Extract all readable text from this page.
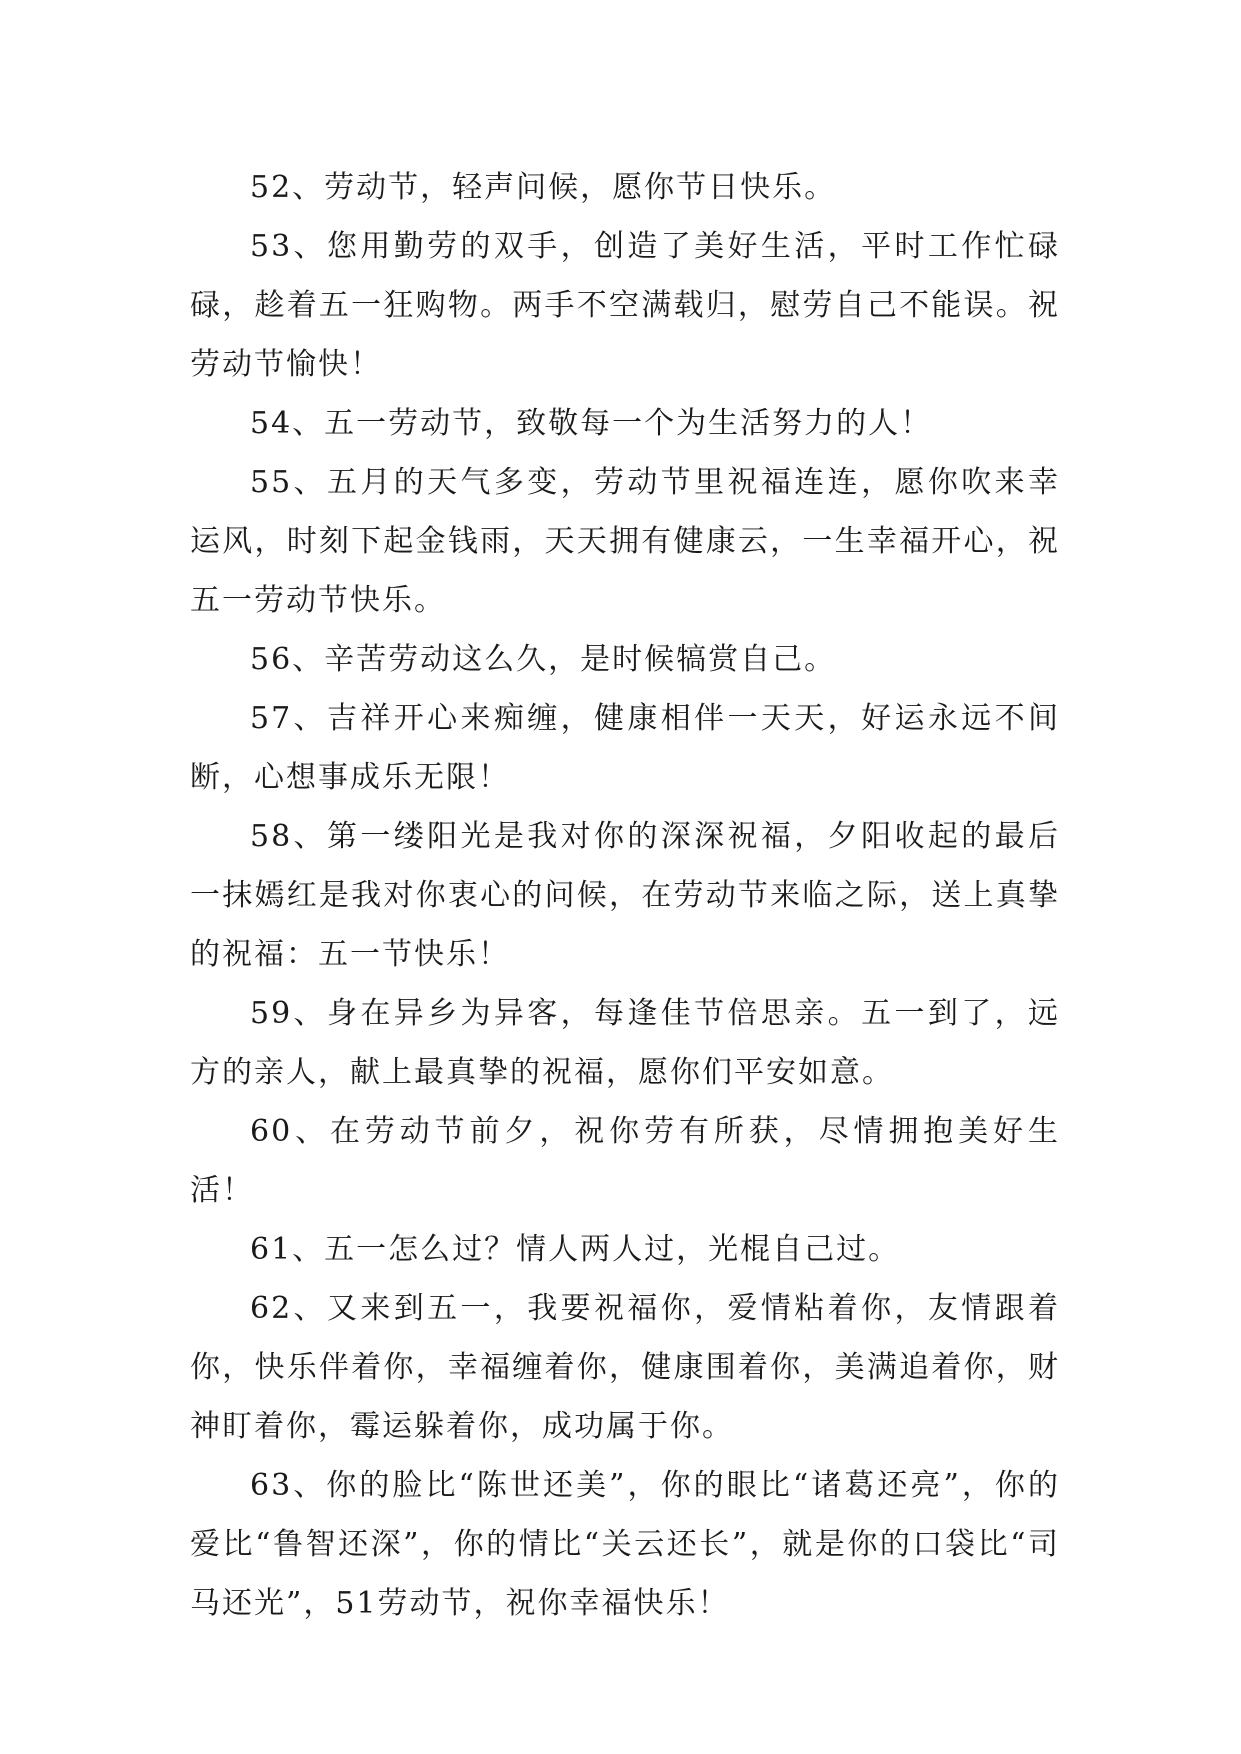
52、劳动节，轻声问候，愿你节日快乐。

53、您用勤劳的双手，创造了美好生活，平时工作忙碌碌，趁着五一狂购物。两手不空满载归，慰劳自己不能误。祝劳动节愉快！

54、五一劳动节，致敬每一个为生活努力的人！

55、五月的天气多变，劳动节里祝福连连，愿你吹来幸运风，时刻下起金钱雨，天天拥有健康云，一生幸福开心，祝五一劳动节快乐。

56、辛苦劳动这么久，是时候犒赏自己。

57、吉祥开心来痴缠，健康相伴一天天，好运永远不间断，心想事成乐无限！

58、第一缕阳光是我对你的深深祝福，夕阳收起的最后一抹嫣红是我对你衷心的问候，在劳动节来临之际，送上真挚的祝福：五一节快乐！

59、身在异乡为异客，每逢佳节倍思亲。五一到了，远方的亲人，献上最真挚的祝福，愿你们平安如意。

60、在劳动节前夕，祝你劳有所获，尽情拥抱美好生活！

61、五一怎么过？情人两人过，光棍自己过。

62、又来到五一，我要祝福你，爱情粘着你，友情跟着你，快乐伴着你，幸福缠着你，健康围着你，美满追着你，财神盯着你，霉运躲着你，成功属于你。

63、你的脸比“陈世还美”，你的眼比“诸葛还亮”，你的爱比“鲁智还深”，你的情比“关云还长”，就是你的口袋比“司马还光”，51劳动节，祝你幸福快乐！
